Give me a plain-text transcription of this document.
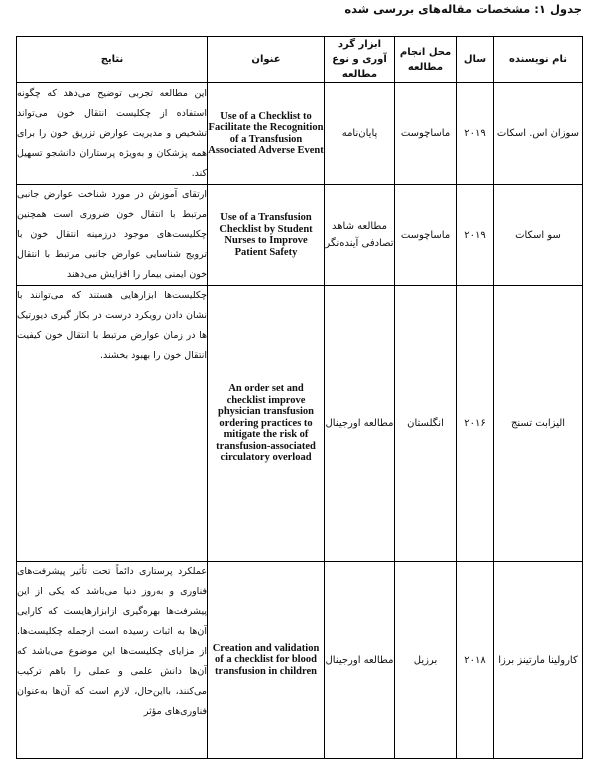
جدول ۱: مشخصات مقاله‌های بررسی شده
نام نویسنده	سال	محل انجام مطالعه	ابزار گرد آوری و نوع مطالعه	عنوان	نتایج
سوزان اس. اسکات	۲۰۱۹	ماساچوست	پایان‌نامه	Use of a Checklist to Facilitate the Recognition of a Transfusion Associated Adverse Event	این مطالعه تجربی توضیح می‌دهد که چگونه استفاده از چکلیست انتقال خون می‌تواند تشخیص و مدیریت عوارض تزریق خون را برای همه پزشکان و به‌ویژه پرستاران دانشجو تسهیل کند.
سو اسکات	۲۰۱۹	ماساچوست	مطالعه شاهد تصادفی آینده‌نگر	Use of a Transfusion Checklist by Student Nurses to Improve Patient Safety	ارتقای آموزش در مورد شناخت عوارض جانبی مرتبط با انتقال خون ضروری است همچنین چکلیست‌های موجود درزمینه انتقال خون با ترویج شناسایی عوارض جانبی مرتبط با انتقال خون ایمنی بیمار را افزایش می‌دهند
الیزابت تسنج	۲۰۱۶	انگلستان	مطالعه اورجینال	An order set and checklist improve physician transfusion ordering practices to mitigate the risk of transfusion-associated circulatory overload	چکلیست‌ها ابزارهایی هستند که می‌توانند با نشان دادن رویکرد درست در بکار گیری دیورتیک ها در زمان عوارض مرتبط با انتقال خون کیفیت انتقال خون را بهبود بخشند.
کارولینا مارتینز برزا	۲۰۱۸	برزیل	مطالعه اورجینال	Creation and validation of a checklist for blood transfusion in children	عملکرد پرستاری دائماً تحت تأثیر پیشرفت‌های فناوری و به‌روز دنیا می‌باشد که یکی از این پیشرفت‌ها بهره‌گیری ازابزارهایست که کارایی آن‌ها به اثبات رسیده است ازجمله چکلیست‌ها. از مزایای چکلیست‌ها این موضوع می‌باشد که آن‌ها دانش علمی و عملی را باهم ترکیب می‌کنند، بااین‌حال، لازم است که آن‌ها به‌عنوان فناوری‌های مؤثر
